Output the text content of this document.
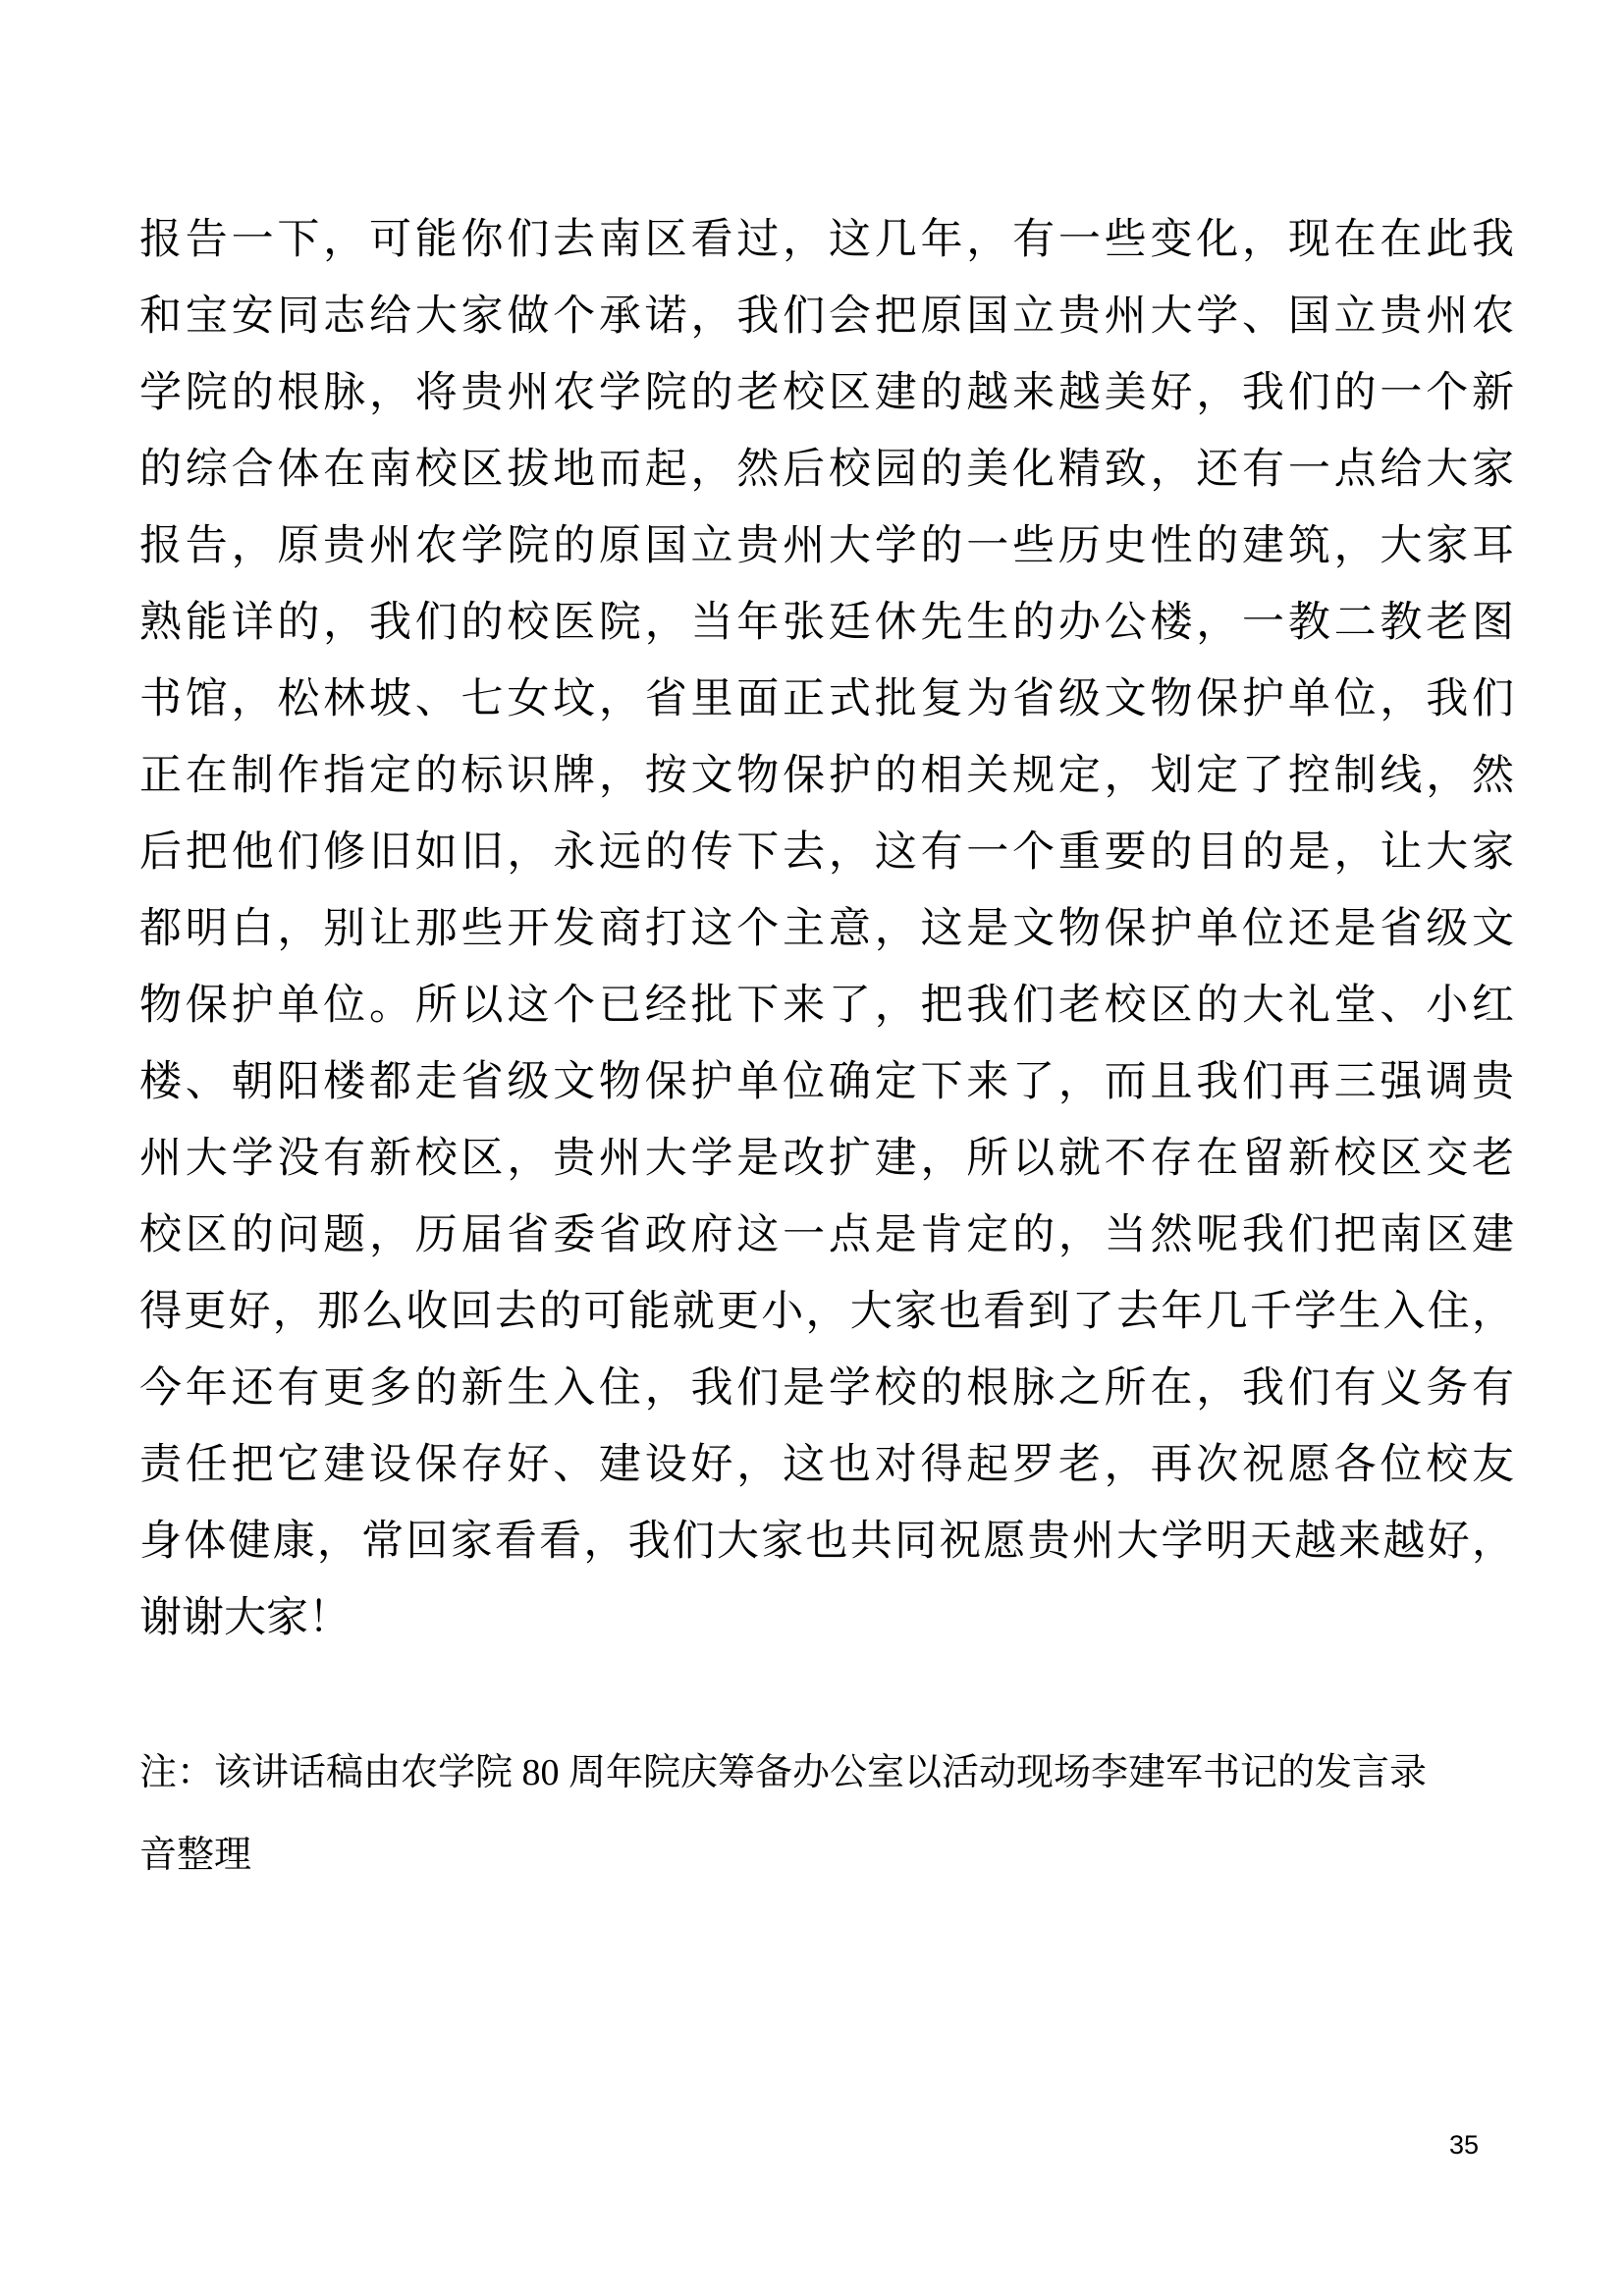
报告一下，可能你们去南区看过，这几年，有一些变化，现在在此我
和宝安同志给大家做个承诺，我们会把原国立贵州大学、国立贵州农
学院的根脉，将贵州农学院的老校区建的越来越美好，我们的一个新
的综合体在南校区拔地而起，然后校园的美化精致，还有一点给大家
报告，原贵州农学院的原国立贵州大学的一些历史性的建筑，大家耳
熟能详的，我们的校医院，当年张廷休先生的办公楼，一教二教老图
书馆，松林坡、七女坟，省里面正式批复为省级文物保护单位，我们
正在制作指定的标识牌，按文物保护的相关规定，划定了控制线，然
后把他们修旧如旧，永远的传下去，这有一个重要的目的是，让大家
都明白，别让那些开发商打这个主意，这是文物保护单位还是省级文
物保护单位。所以这个已经批下来了，把我们老校区的大礼堂、小红
楼、朝阳楼都走省级文物保护单位确定下来了，而且我们再三强调贵
州大学没有新校区，贵州大学是改扩建，所以就不存在留新校区交老
校区的问题，历届省委省政府这一点是肯定的，当然呢我们把南区建
得更好，那么收回去的可能就更小，大家也看到了去年几千学生入住，
今年还有更多的新生入住，我们是学校的根脉之所在，我们有义务有
责任把它建设保存好、建设好，这也对得起罗老，再次祝愿各位校友
身体健康，常回家看看，我们大家也共同祝愿贵州大学明天越来越好，
谢谢大家！
注：该讲话稿由农学院 80 周年院庆筹备办公室以活动现场李建军书记的发言录
音整理
35
